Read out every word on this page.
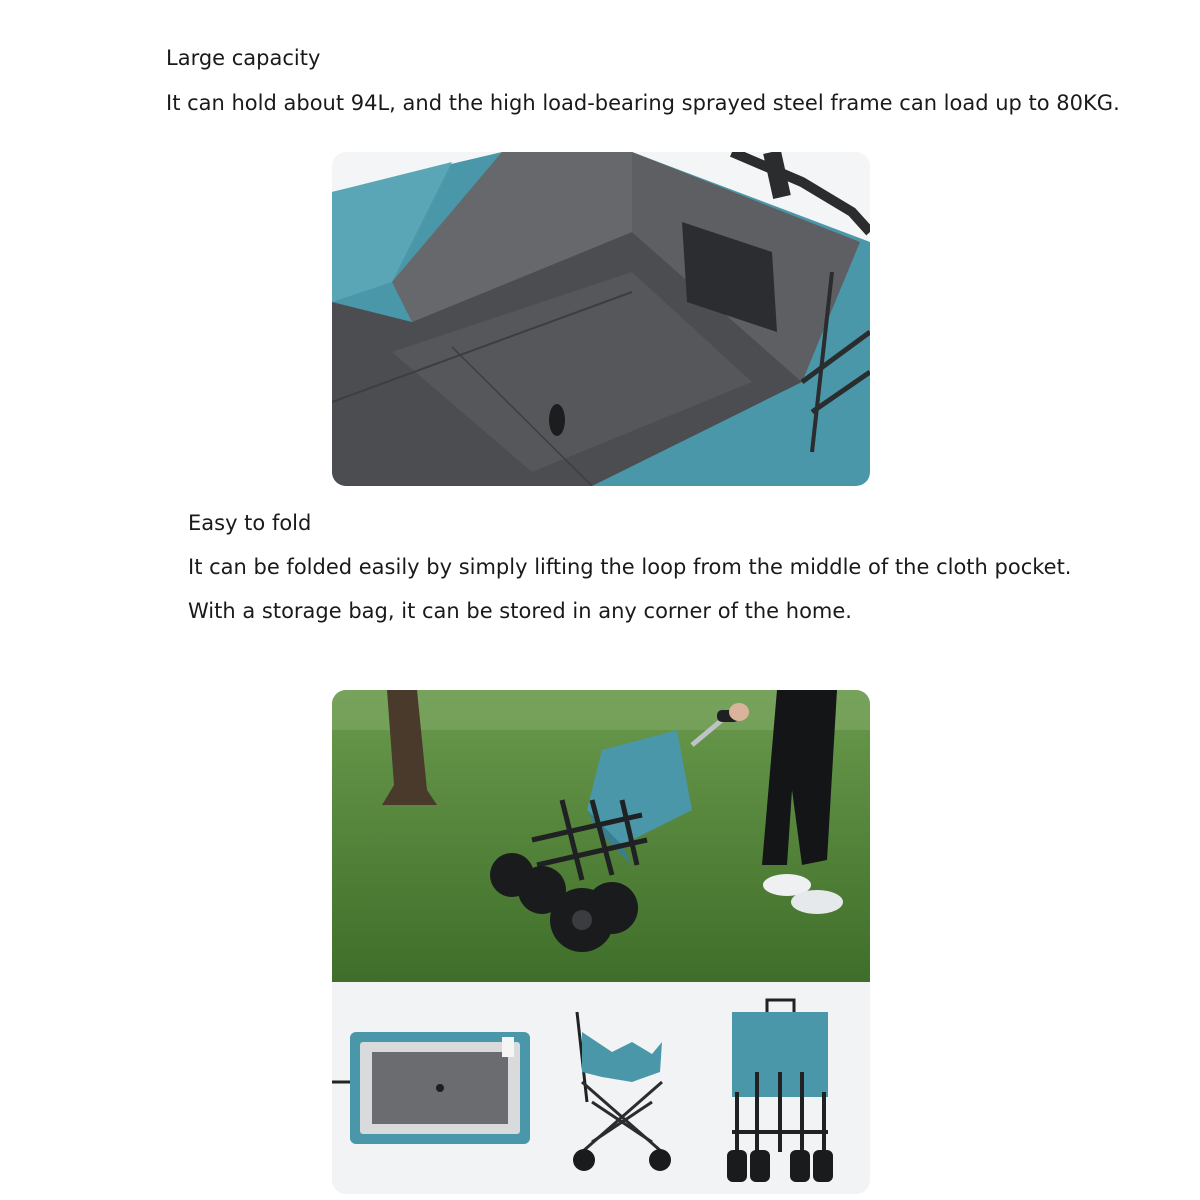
Large capacity
It can hold about 94L, and the high load-bearing sprayed steel frame can load up to 80KG.
Easy to fold
It can be folded easily by simply lifting the loop from the middle of the cloth pocket.
With a storage bag, it can be stored in any corner of the home.
